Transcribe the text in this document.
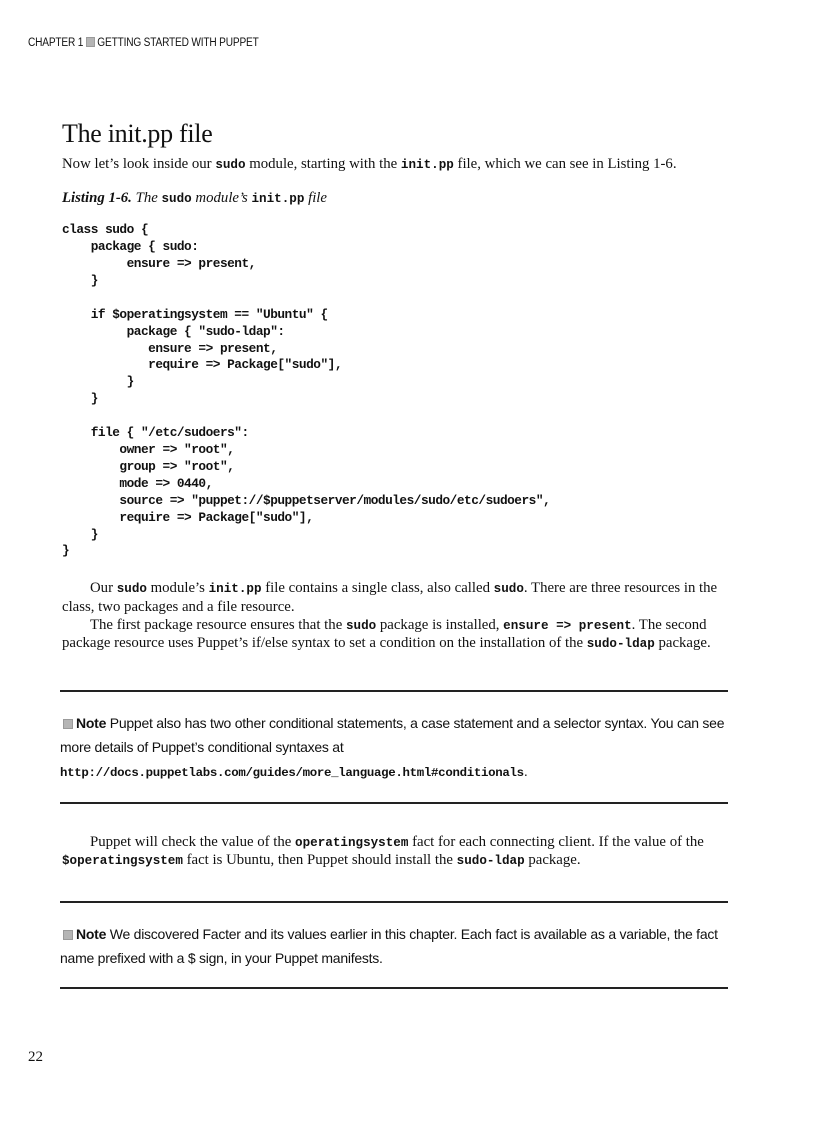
CHAPTER 1 GETTING STARTED WITH PUPPET
The init.pp file

Now let’s look inside our sudo module, starting with the init.pp file, which we can see in Listing 1-6.

Listing 1-6. The sudo module’s init.pp file

class sudo {
package { sudo:
ensure => present,
}

if $operatingsystem == "Ubuntu" {
package { "sudo-ldap":
ensure => present,
require => Package["sudo"],
}
}

file { "/etc/sudoers":
owner => "root",
group => "root",
mode => 0440,
source => "puppet://$puppetserver/modules/sudo/etc/sudoers",
require => Package["sudo"],
}
}

Our sudo module’s init.pp file contains a single class, also called sudo. There are three resources in the class, two packages and a file resource.

The first package resource ensures that the sudo package is installed, ensure => present. The second package resource uses Puppet’s if/else syntax to set a condition on the installation of the sudo-ldap package.

Note Puppet also has two other conditional statements, a case statement and a selector syntax. You can see more details of Puppet’s conditional syntaxes at http://docs.puppetlabs.com/guides/more_language.html#conditionals.

Puppet will check the value of the operatingsystem fact for each connecting client. If the value of the $operatingsystem fact is Ubuntu, then Puppet should install the sudo-ldap package.

Note We discovered Facter and its values earlier in this chapter. Each fact is available as a variable, the fact name prefixed with a $ sign, in your Puppet manifests.

22
